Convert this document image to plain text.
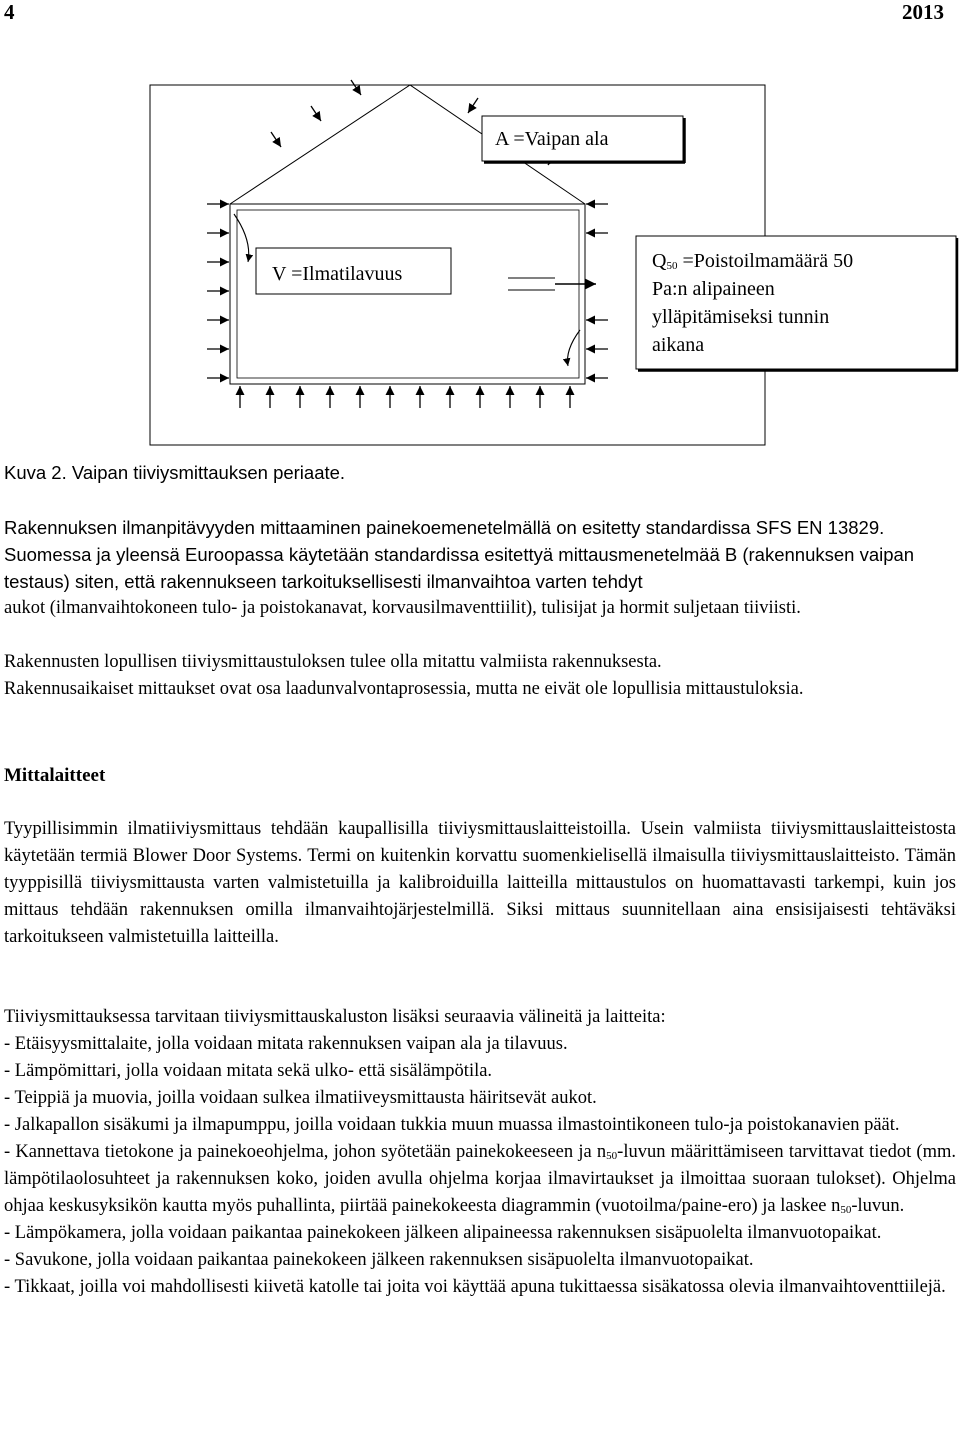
4	2013
A =Vaipan ala
V =Ilmatilavuus
$Q_{50}$ =Poistoilmamäärä 50
Pa:n alipaineen
ylläpitämiseksi tunnin
aikana
Kuva 2. Vaipan tiiviysmittauksen periaate.
Rakennuksen ilmanpitävyyden mittaaminen painekoemenetelmällä on esitetty standardissa SFS EN 13829. Suomessa ja yleensä Euroopassa käytetään standardissa esitettyä mittausmenetelmää B (rakennuksen vaipan testaus) siten, että rakennukseen tarkoituksellisesti ilmanvaihtoa varten tehdyt
aukot (ilmanvaihtokoneen tulo- ja poistokanavat, korvausilmaventtiilit), tulisijat ja hormit suljetaan tiiviisti.
Rakennusten lopullisen tiiviysmittaustuloksen tulee olla mitattu valmiista rakennuksesta.
Rakennusaikaiset mittaukset ovat osa laadunvalvontaprosessia, mutta ne eivät ole lopullisia mittaustuloksia.
Mittalaitteet
Tyypillisimmin ilmatiiviysmittaus tehdään kaupallisilla tiiviysmittauslaitteistoilla. Usein valmiista tiiviysmittauslaitteistosta käytetään termiä Blower Door Systems. Termi on kuitenkin korvattu suomenkielisellä ilmaisulla tiiviysmittauslaitteisto. Tämän tyyppisillä tiiviysmittausta varten valmistetuilla ja kalibroiduilla laitteilla mittaustulos on huomattavasti tarkempi, kuin jos mittaus tehdään rakennuksen omilla ilmanvaihtojärjestelmillä. Siksi mittaus suunnitellaan aina ensisijaisesti tehtäväksi tarkoitukseen valmistetuilla laitteilla.
Tiiviysmittauksessa tarvitaan tiiviysmittauskaluston lisäksi seuraavia välineitä ja laitteita:
- Etäisyysmittalaite, jolla voidaan mitata rakennuksen vaipan ala ja tilavuus.
- Lämpömittari, jolla voidaan mitata sekä ulko- että sisälämpötila.
- Teippiä ja muovia, joilla voidaan sulkea ilmatiiveysmittausta häiritsevät aukot.
- Jalkapallon sisäkumi ja ilmapumppu, joilla voidaan tukkia muun muassa ilmastointikoneen tulo-ja poistokanavien päät.
- Kannettava tietokone ja painekoeohjelma, johon syötetään painekokeeseen ja $n_{50}$-luvun määrittämiseen tarvittavat tiedot (mm. lämpötilaolosuhteet ja rakennuksen koko, joiden avulla ohjelma korjaa ilmavirtaukset ja ilmoittaa suoraan tulokset). Ohjelma ohjaa keskusyksikön kautta myös puhallinta, piirtää painekokeesta diagrammin (vuotoilma/paine-ero) ja laskee $n_{50}$-luvun.
- Lämpökamera, jolla voidaan paikantaa painekokeen jälkeen alipaineessa rakennuksen sisäpuolelta ilmanvuotopaikat.
- Savukone, jolla voidaan paikantaa painekokeen jälkeen rakennuksen sisäpuolelta ilmanvuotopaikat.
- Tikkaat, joilla voi mahdollisesti kiivetä katolle tai joita voi käyttää apuna tukittaessa sisäkatossa olevia ilmanvaihtoventtiilejä.
